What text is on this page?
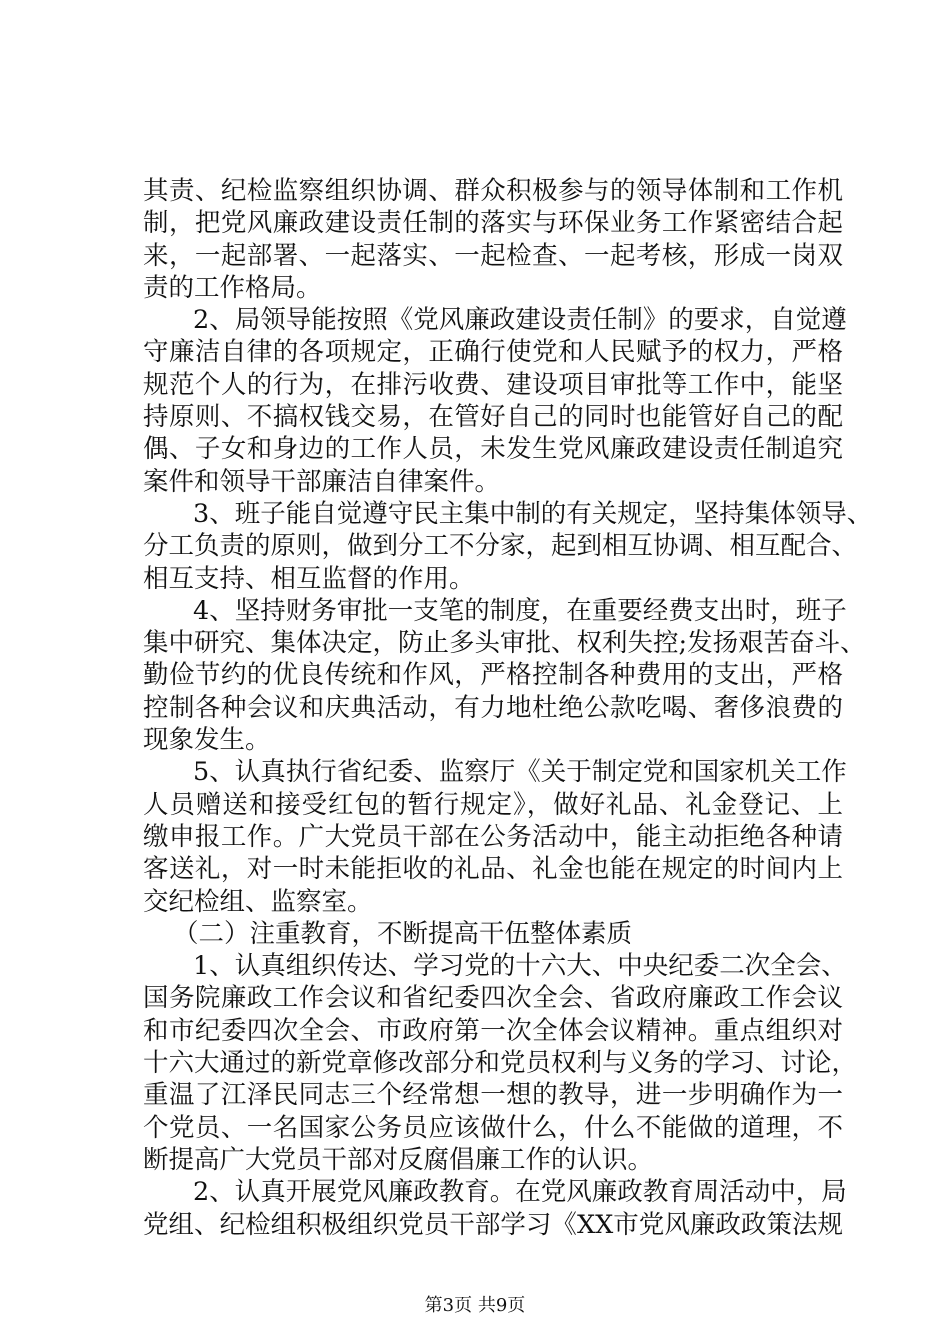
其责、纪检监察组织协调、群众积极参与的领导体制和工作机
制，把党风廉政建设责任制的落实与环保业务工作紧密结合起
来，一起部署、一起落实、一起检查、一起考核，形成一岗双
责的工作格局。
2、局领导能按照《党风廉政建设责任制》的要求，自觉遵
守廉洁自律的各项规定，正确行使党和人民赋予的权力，严格
规范个人的行为，在排污收费、建设项目审批等工作中，能坚
持原则、不搞权钱交易，在管好自己的同时也能管好自己的配
偶、子女和身边的工作人员，未发生党风廉政建设责任制追究
案件和领导干部廉洁自律案件。
3、班子能自觉遵守民主集中制的有关规定，坚持集体领导、
分工负责的原则，做到分工不分家，起到相互协调、相互配合、
相互支持、相互监督的作用。
4、坚持财务审批一支笔的制度，在重要经费支出时，班子
集中研究、集体决定，防止多头审批、权利失控;发扬艰苦奋斗、
勤俭节约的优良传统和作风，严格控制各种费用的支出，严格
控制各种会议和庆典活动，有力地杜绝公款吃喝、奢侈浪费的
现象发生。
5、认真执行省纪委、监察厅《关于制定党和国家机关工作
人员赠送和接受红包的暂行规定》，做好礼品、礼金登记、上
缴申报工作。广大党员干部在公务活动中，能主动拒绝各种请
客送礼，对一时未能拒收的礼品、礼金也能在规定的时间内上
交纪检组、监察室。
（二）注重教育，不断提高干伍整体素质
1、认真组织传达、学习党的十六大、中央纪委二次全会、
国务院廉政工作会议和省纪委四次全会、省政府廉政工作会议
和市纪委四次全会、市政府第一次全体会议精神。重点组织对
十六大通过的新党章修改部分和党员权利与义务的学习、讨论，
重温了江泽民同志三个经常想一想的教导，进一步明确作为一
个党员、一名国家公务员应该做什么，什么不能做的道理，不
断提高广大党员干部对反腐倡廉工作的认识。
2、认真开展党风廉政教育。在党风廉政教育周活动中，局
党组、纪检组积极组织党员干部学习《XX市党风廉政政策法规
第3页 共9页
